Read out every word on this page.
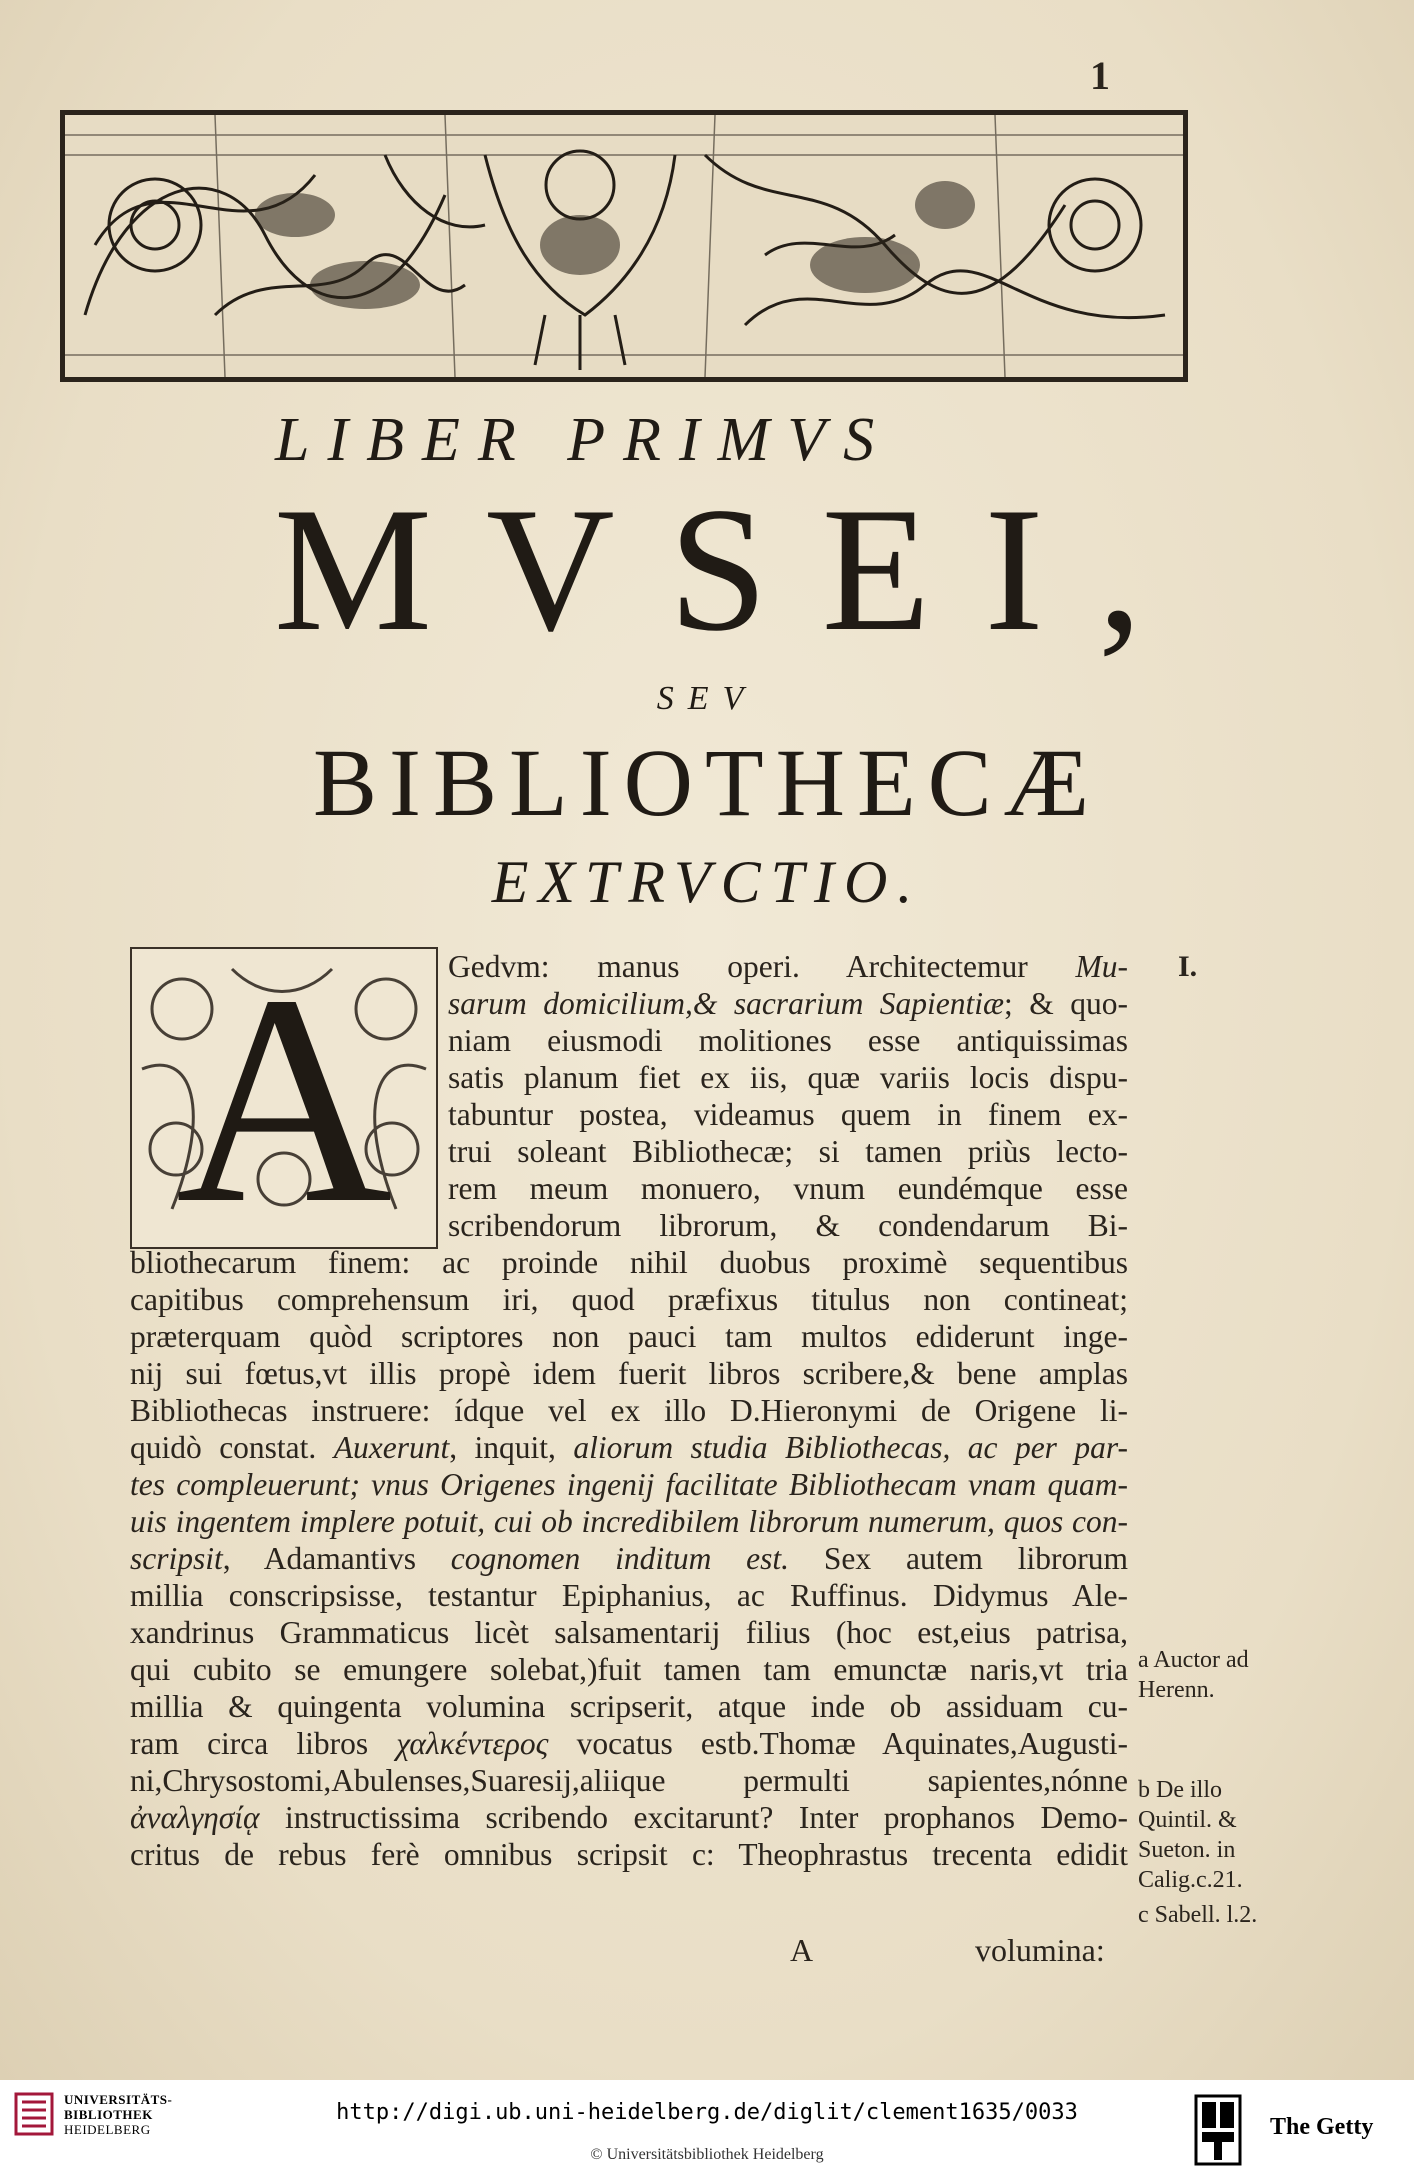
1
LIBER PRIMVS
MVSEI,
SEV
BIBLIOTHECÆ
EXTRVCTIO.
A	Gedvm: manus operi. Architectemur Mu-
sarum domicilium,& sacrarium Sapientiæ; & quo-
niam eiusmodi molitiones esse antiquissimas
satis planum fiet ex iis, quæ variis locis dispu-
tabuntur postea, videamus quem in finem ex-
trui soleant Bibliothecæ; si tamen priùs lecto-
rem meum monuero, vnum eundémque esse
scribendorum librorum, & condendarum Bi-
bliothecarum finem: ac proinde nihil duobus proximè sequentibus
capitibus comprehensum iri, quod præfixus titulus non contineat;
præterquam quòd scriptores non pauci tam multos ediderunt inge-
nij sui fœtus,vt illis propè idem fuerit libros scribere,& bene amplas
Bibliothecas instruere: ídque vel ex illo D.Hieronymi de Origene li-
quidò constat. Auxerunt, inquit, aliorum studia Bibliothecas, ac per par-
tes compleuerunt; vnus Origenes ingenij facilitate Bibliothecam vnam quam-
uis ingentem implere potuit, cui ob incredibilem librorum numerum, quos con-
scripsit, Adamantivs cognomen inditum est. Sex autem librorum
millia conscripsisse, testantur Epiphanius, ac Ruffinus. Didymus Ale-
xandrinus Grammaticus licèt salsamentarij filius (hoc est,eius patrisa,
qui cubito se emungere solebat,)fuit tamen tam emunctæ naris,vt tria
millia & quingenta volumina scripserit, atque inde ob assiduam cu-
ram circa libros χαλκέντερος vocatus estb.Thomæ Aquinates,Augusti-
ni,Chrysostomi,Abulenses,Suaresij,aliique permulti sapientes,nónne
ἀναλγησίᾳ instructissima scribendo excitarunt? Inter prophanos Demo-
critus de rebus ferè omnibus scripsit c: Theophrastus trecenta edidit
I.
a Auctor ad
Herenn.
b De illo
Quintil. &
Sueton. in
Calig.c.21.
c Sabell. l.2.
A	volumina:
UNIVERSITÄTS-
BIBLIOTHEK
HEIDELBERG
http://digi.ub.uni-heidelberg.de/diglit/clement1635/0033
© Universitätsbibliothek Heidelberg
The Getty
